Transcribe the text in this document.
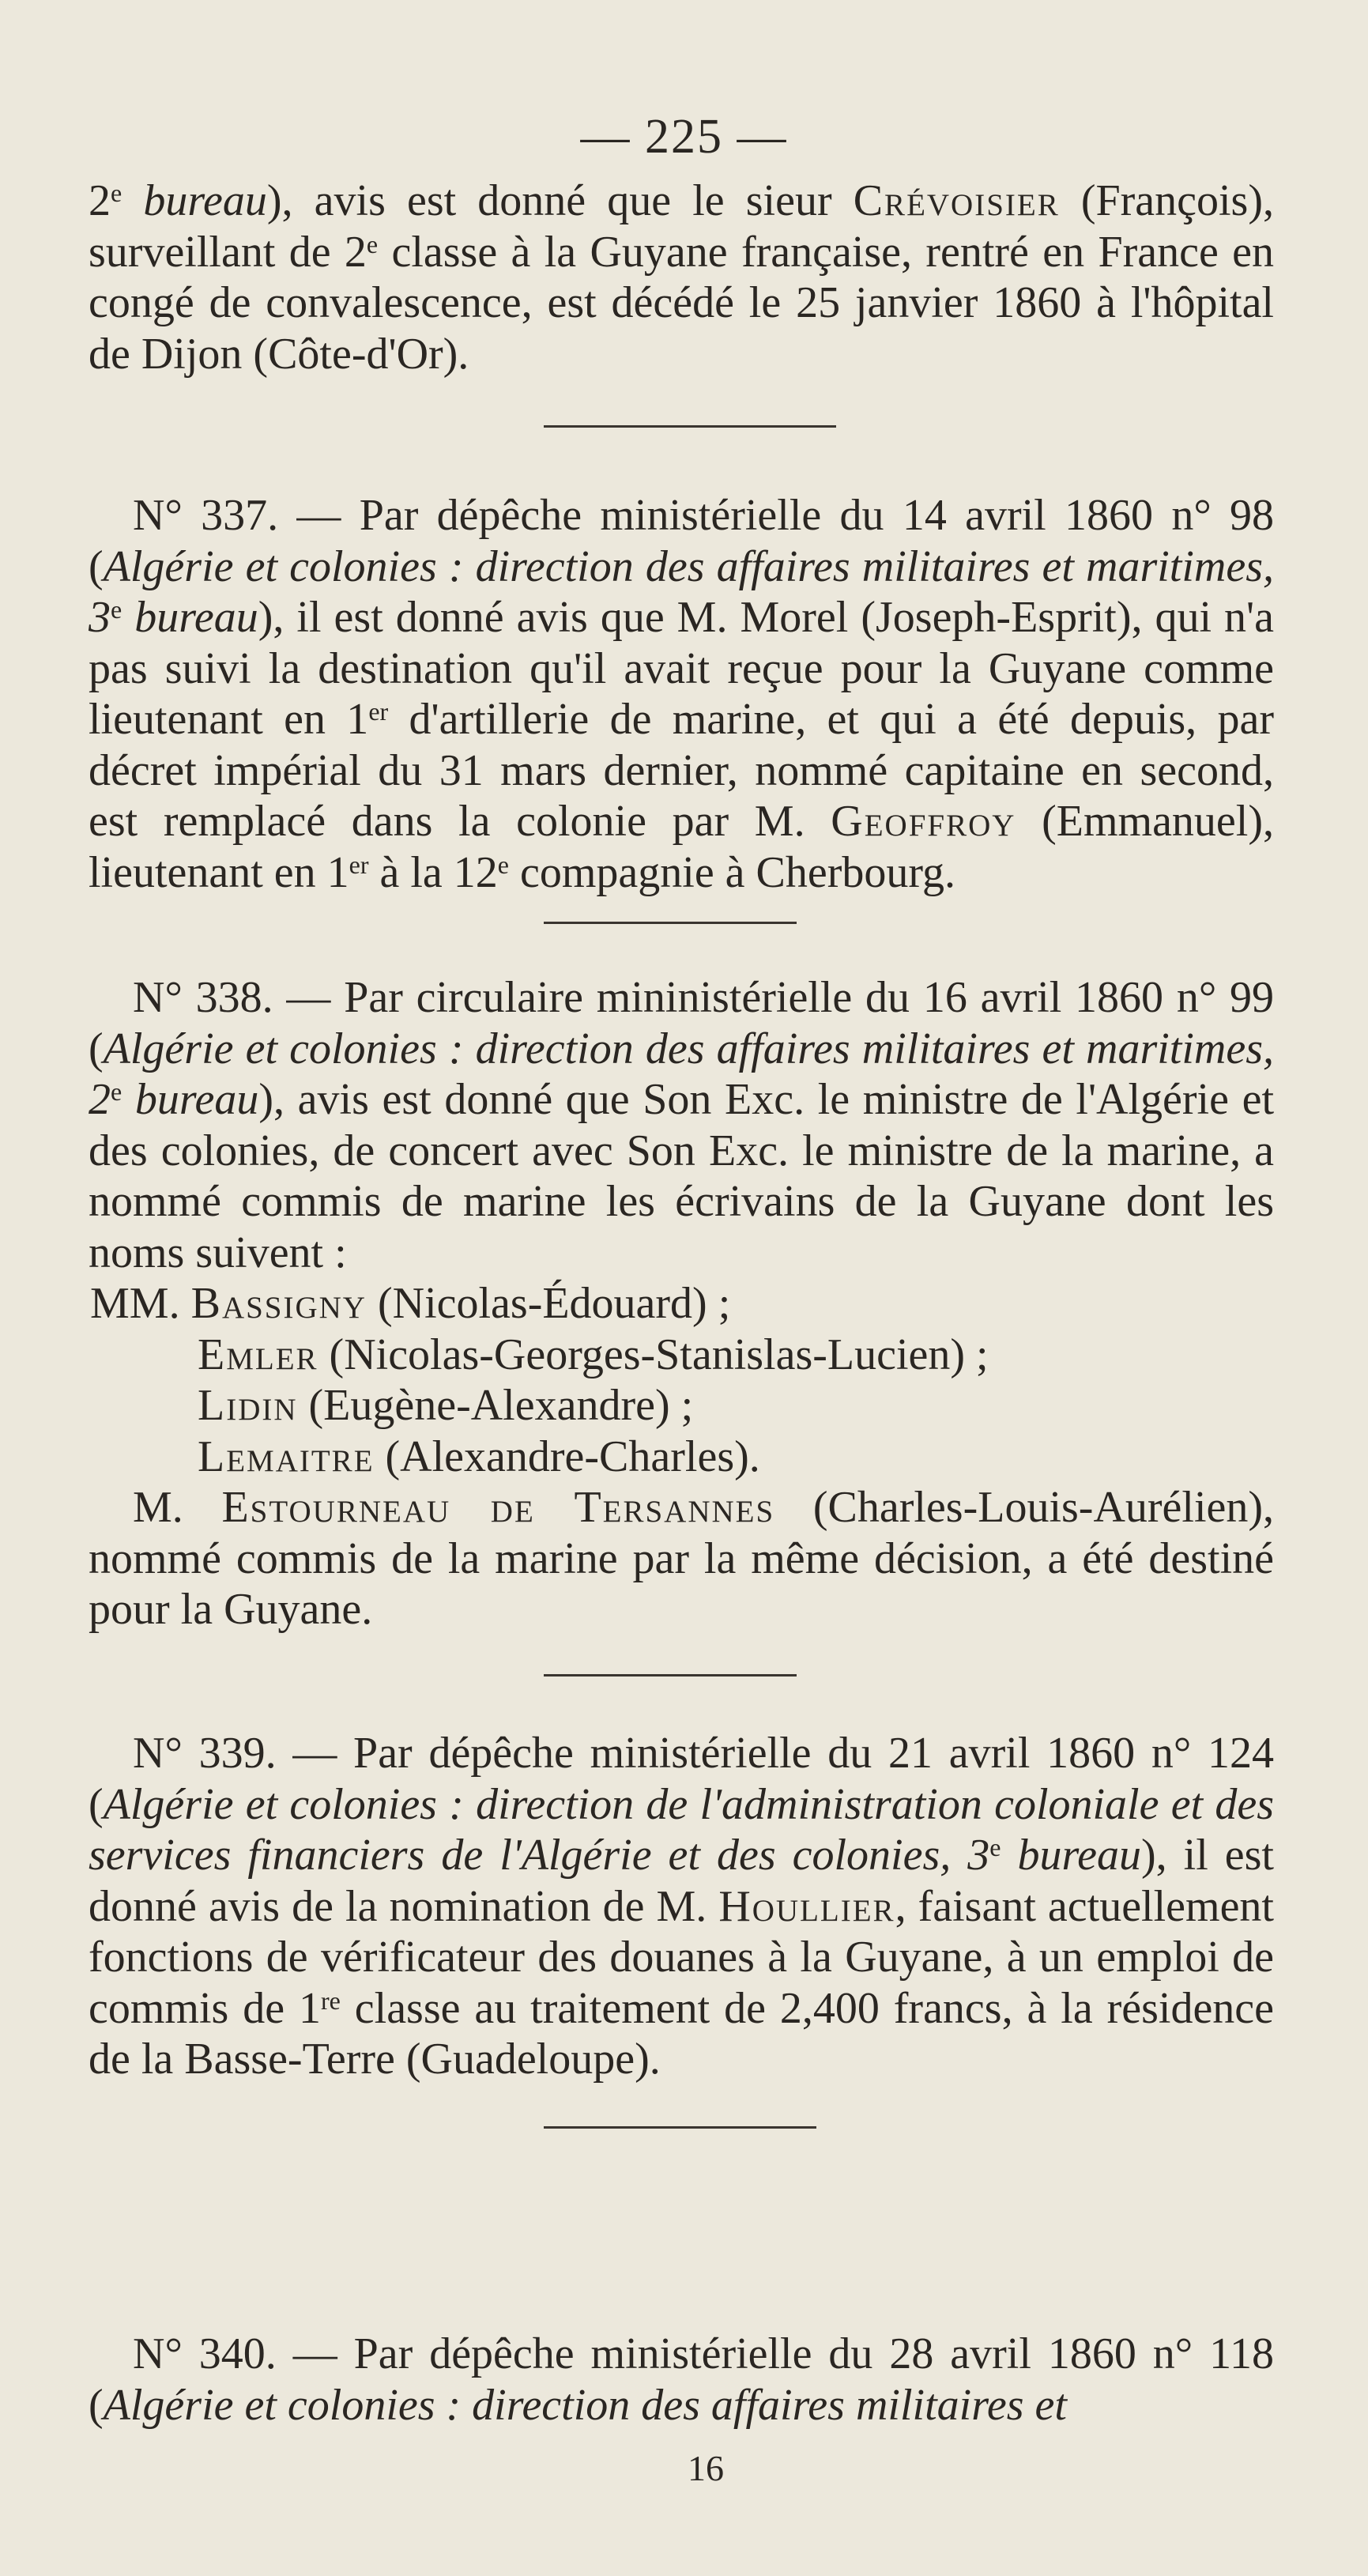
— 225 —

2e bureau), avis est donné que le sieur Crévoisier (François), surveillant de 2e classe à la Guyane française, rentré en France en congé de convalescence, est décédé le 25 janvier 1860 à l'hôpital de Dijon (Côte-d'Or).

N° 337. — Par dépêche ministérielle du 14 avril 1860 n° 98 (Algérie et colonies : direction des affaires militaires et maritimes, 3e bureau), il est donné avis que M. Morel (Joseph-Esprit), qui n'a pas suivi la destination qu'il avait reçue pour la Guyane comme lieutenant en 1er d'artillerie de marine, et qui a été depuis, par décret impérial du 31 mars dernier, nommé capitaine en second, est remplacé dans la colonie par M. Geoffroy (Emmanuel), lieutenant en 1er à la 12e compagnie à Cherbourg.

N° 338. — Par circulaire mininistérielle du 16 avril 1860 n° 99 (Algérie et colonies : direction des affaires militaires et maritimes, 2e bureau), avis est donné que Son Exc. le ministre de l'Algérie et des colonies, de concert avec Son Exc. le ministre de la marine, a nommé commis de marine les écrivains de la Guyane dont les noms suivent :

MM. Bassigny (Nicolas-Édouard) ;
Emler (Nicolas-Georges-Stanislas-Lucien) ;
Lidin (Eugène-Alexandre) ;
Lemaitre (Alexandre-Charles).

M. Estourneau de Tersannes (Charles-Louis-Aurélien), nommé commis de la marine par la même décision, a été destiné pour la Guyane.

N° 339. — Par dépêche ministérielle du 21 avril 1860 n° 124 (Algérie et colonies : direction de l'administration coloniale et des services financiers de l'Algérie et des colonies, 3e bureau), il est donné avis de la nomination de M. Houllier, faisant actuellement fonctions de vérificateur des douanes à la Guyane, à un emploi de commis de 1re classe au traitement de 2,400 francs, à la résidence de la Basse-Terre (Guadeloupe).

N° 340. — Par dépêche ministérielle du 28 avril 1860 n° 118 (Algérie et colonies : direction des affaires militaires et

16
